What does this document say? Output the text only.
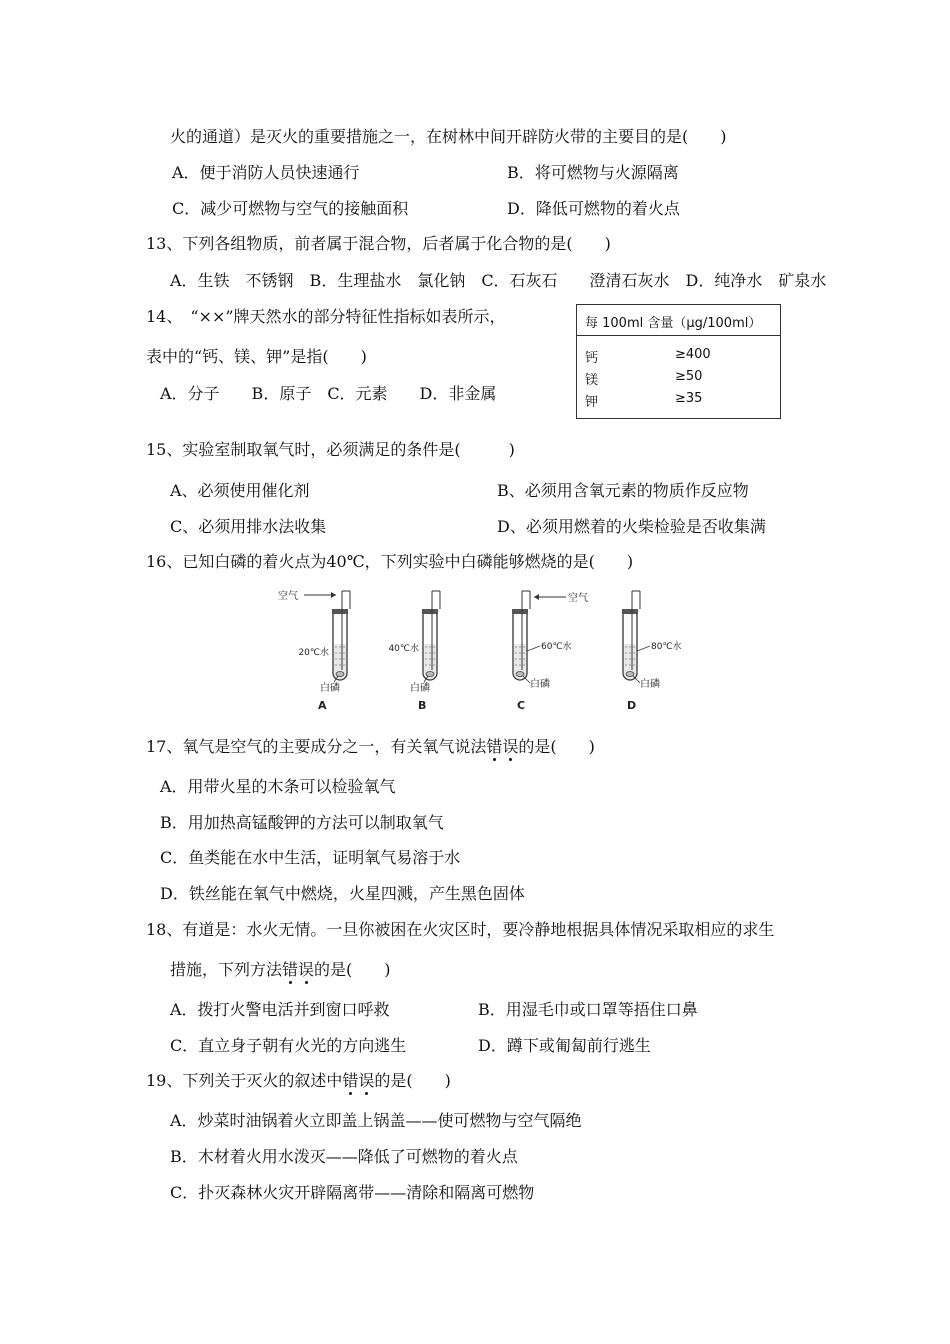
火的通道）是灭火的重要措施之一，在树林中间开辟防火带的主要目的是(　　)
A．便于消防人员快速通行	B．将可燃物与火源隔离
C．减少可燃物与空气的接触面积	D．降低可燃物的着火点
13、下列各组物质，前者属于混合物，后者属于化合物的是(　　)
A．生铁　不锈钢　B．生理盐水　氯化钠　C．石灰石　　澄清石灰水　D．纯净水　矿泉水
14、　“××”牌天然水的部分特征性指标如表所示，
表中的“钙、镁、钾”是指(　　)
A．分子　　B．原子　C．元素　　D．非金属
每 100ml 含量（μg/100ml）
钙	≥400
镁	≥50
钾	≥35
15、实验室制取氧气时，必须满足的条件是(　　　)
A、必须使用催化剂	B、必须用含氧元素的物质作反应物
C、必须用排水法收集	D、必须用燃着的火柴检验是否收集满
16、已知白磷的着火点为40℃，下列实验中白磷能够燃烧的是(　　)
空气
20℃水
白磷
A
40℃水
白磷
B
空气
60℃水
白磷
C
80℃水
白磷
D
17、氧气是空气的主要成分之一，有关氧气说法错误的是(　　)
A．用带火星的木条可以检验氧气
B．用加热高锰酸钾的方法可以制取氧气
C．鱼类能在水中生活，证明氧气易溶于水
D．铁丝能在氧气中燃烧，火星四溅，产生黑色固体
18、有道是：水火无情。一旦你被困在火灾区时，要冷静地根据具体情况采取相应的求生
措施，下列方法错误的是(　　)
A．拨打火警电活并到窗口呼救	B．用湿毛巾或口罩等捂住口鼻
C．直立身子朝有火光的方向逃生	D．蹲下或匍匐前行逃生
19、下列关于灭火的叙述中错误的是(　　)
A．炒菜时油锅着火立即盖上锅盖——使可燃物与空气隔绝
B．木材着火用水泼灭——降低了可燃物的着火点
C．扑灭森林火灾开辟隔离带——清除和隔离可燃物
